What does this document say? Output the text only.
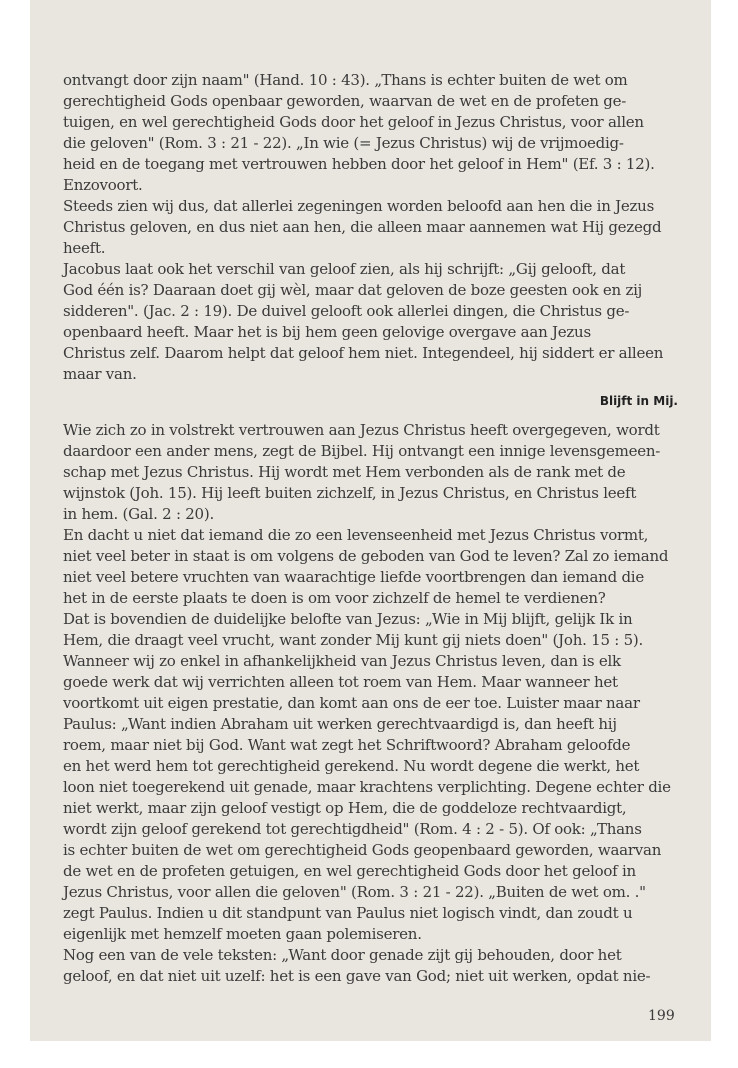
ontvangt door zijn naam" (Hand. 10 : 43). „Thans is echter buiten de wet om
gerechtigheid Gods openbaar geworden, waarvan de wet en de profeten ge-
tuigen, en wel gerechtigheid Gods door het geloof in Jezus Christus, voor allen
die geloven" (Rom. 3 : 21 - 22). „In wie (= Jezus Christus) wij de vrijmoedig-
heid en de toegang met vertrouwen hebben door het geloof in Hem" (Ef. 3 : 12).
Enzovoort.
Steeds zien wij dus, dat allerlei zegeningen worden beloofd aan hen die in Jezus
Christus geloven, en dus niet aan hen, die alleen maar aannemen wat Hij gezegd
heeft.
Jacobus laat ook het verschil van geloof zien, als hij schrijft: „Gij gelooft, dat
God één is? Daaraan doet gij wèl, maar dat geloven de boze geesten ook en zij
sidderen". (Jac. 2 : 19). De duivel gelooft ook allerlei dingen, die Christus ge-
openbaard heeft. Maar het is bij hem geen gelovige overgave aan Jezus
Christus zelf. Daarom helpt dat geloof hem niet. Integendeel, hij siddert er alleen
maar van.
Blijft in Mij.
Wie zich zo in volstrekt vertrouwen aan Jezus Christus heeft overgegeven, wordt
daardoor een ander mens, zegt de Bijbel. Hij ontvangt een innige levensgemeen-
schap met Jezus Christus. Hij wordt met Hem verbonden als de rank met de
wijnstok (Joh. 15). Hij leeft buiten zichzelf, in Jezus Christus, en Christus leeft
in hem. (Gal. 2 : 20).
En dacht u niet dat iemand die zo een levenseenheid met Jezus Christus vormt,
niet veel beter in staat is om volgens de geboden van God te leven? Zal zo iemand
niet veel betere vruchten van waarachtige liefde voortbrengen dan iemand die
het in de eerste plaats te doen is om voor zichzelf de hemel te verdienen?
Dat is bovendien de duidelijke belofte van Jezus: „Wie in Mij blijft, gelijk Ik in
Hem, die draagt veel vrucht, want zonder Mij kunt gij niets doen" (Joh. 15 : 5).
Wanneer wij zo enkel in afhankelijkheid van Jezus Christus leven, dan is elk
goede werk dat wij verrichten alleen tot roem van Hem. Maar wanneer het
voortkomt uit eigen prestatie, dan komt aan ons de eer toe. Luister maar naar
Paulus: „Want indien Abraham uit werken gerechtvaardigd is, dan heeft hij
roem, maar niet bij God. Want wat zegt het Schriftwoord? Abraham geloofde
en het werd hem tot gerechtigheid gerekend. Nu wordt degene die werkt, het
loon niet toegerekend uit genade, maar krachtens verplichting. Degene echter die
niet werkt, maar zijn geloof vestigt op Hem, die de goddeloze rechtvaardigt,
wordt zijn geloof gerekend tot gerechtigdheid" (Rom. 4 : 2 - 5). Of ook: „Thans
is echter buiten de wet om gerechtigheid Gods geopenbaard geworden, waarvan
de wet en de profeten getuigen, en wel gerechtigheid Gods door het geloof in
Jezus Christus, voor allen die geloven" (Rom. 3 : 21 - 22). „Buiten de wet om. ."
zegt Paulus. Indien u dit standpunt van Paulus niet logisch vindt, dan zoudt u
eigenlijk met hemzelf moeten gaan polemiseren.
Nog een van de vele teksten: „Want door genade zijt gij behouden, door het
geloof, en dat niet uit uzelf: het is een gave van God; niet uit werken, opdat nie-
199
